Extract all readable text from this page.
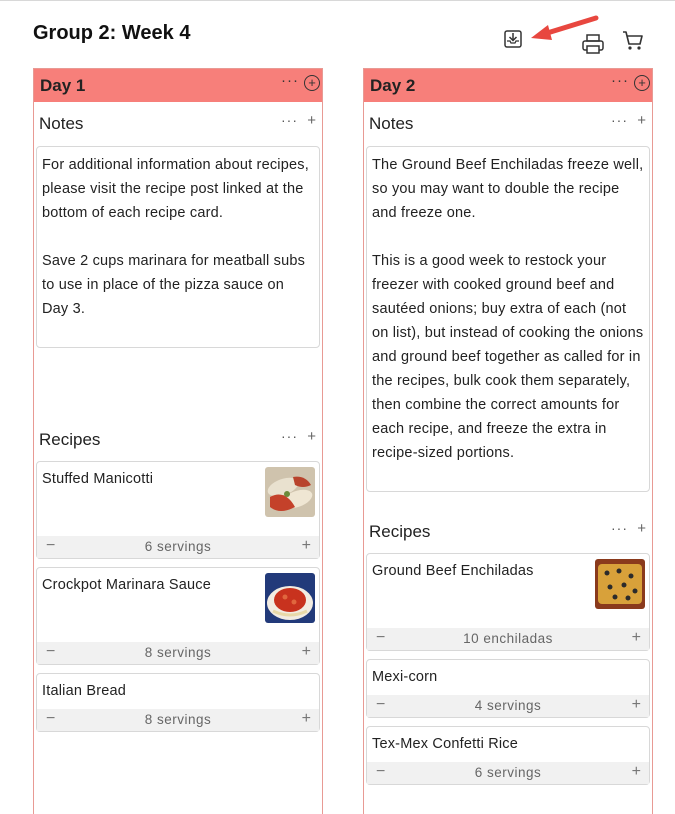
Group 2: Week 4
Day 1	··· +
Notes	··· +

For additional information about recipes, please visit the recipe post linked at the bottom of each recipe card.

Save 2 cups marinara for meatball subs to use in place of the pizza sauce on Day 3.

Recipes	··· +
Stuffed Manicotti
−	6 servings	+
Crockpot Marinara Sauce
−	8 servings	+
Italian Bread
−	8 servings	+
Day 2	··· +
Notes	··· +

The Ground Beef Enchiladas freeze well, so you may want to double the recipe and freeze one.

This is a good week to restock your freezer with cooked ground beef and sautéed onions; buy extra of each (not on list), but instead of cooking the onions and ground beef together as called for in the recipes, bulk cook them separately, then combine the correct amounts for each recipe, and freeze the extra in recipe-sized portions.

Recipes	··· +
Ground Beef Enchiladas
−	10 enchiladas	+
Mexi-corn
−	4 servings	+
Tex-Mex Confetti Rice
−	6 servings	+
